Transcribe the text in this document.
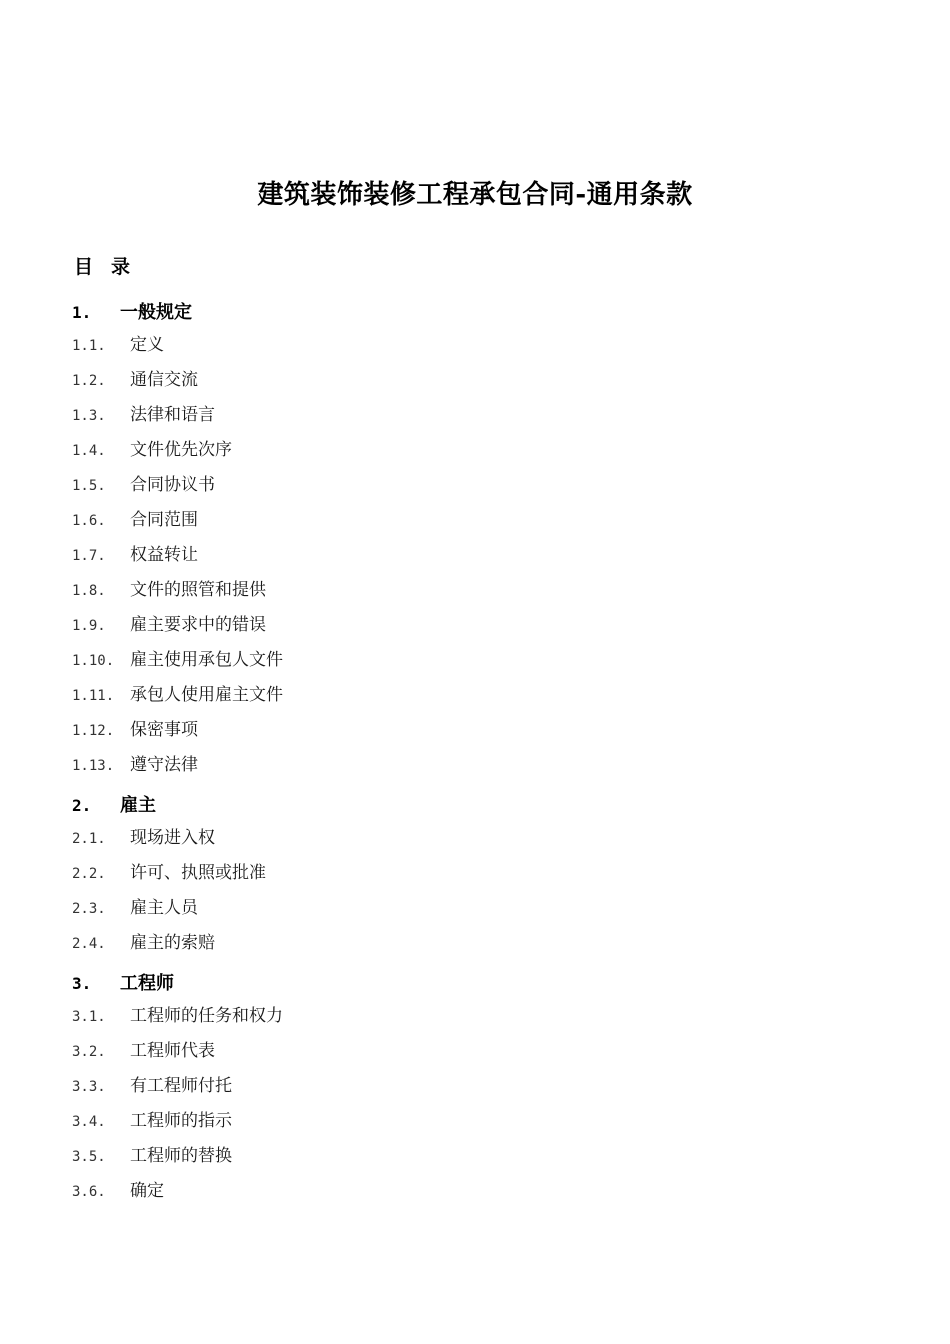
建筑装饰装修工程承包合同-通用条款
目 录
1.	一般规定
1.1.	定义
1.2.	通信交流
1.3.	法律和语言
1.4.	文件优先次序
1.5.	合同协议书
1.6.	合同范围
1.7.	权益转让
1.8.	文件的照管和提供
1.9.	雇主要求中的错误
1.10. 雇主使用承包人文件
1.11. 承包人使用雇主文件
1.12. 保密事项
1.13. 遵守法律
2.	雇主
2.1.	现场进入权
2.2.	许可、执照或批准
2.3.	雇主人员
2.4.	雇主的索赔
3.	工程师
3.1.	工程师的任务和权力
3.2.	工程师代表
3.3.	有工程师付托
3.4.	工程师的指示
3.5.	工程师的替换
3.6.	确定
